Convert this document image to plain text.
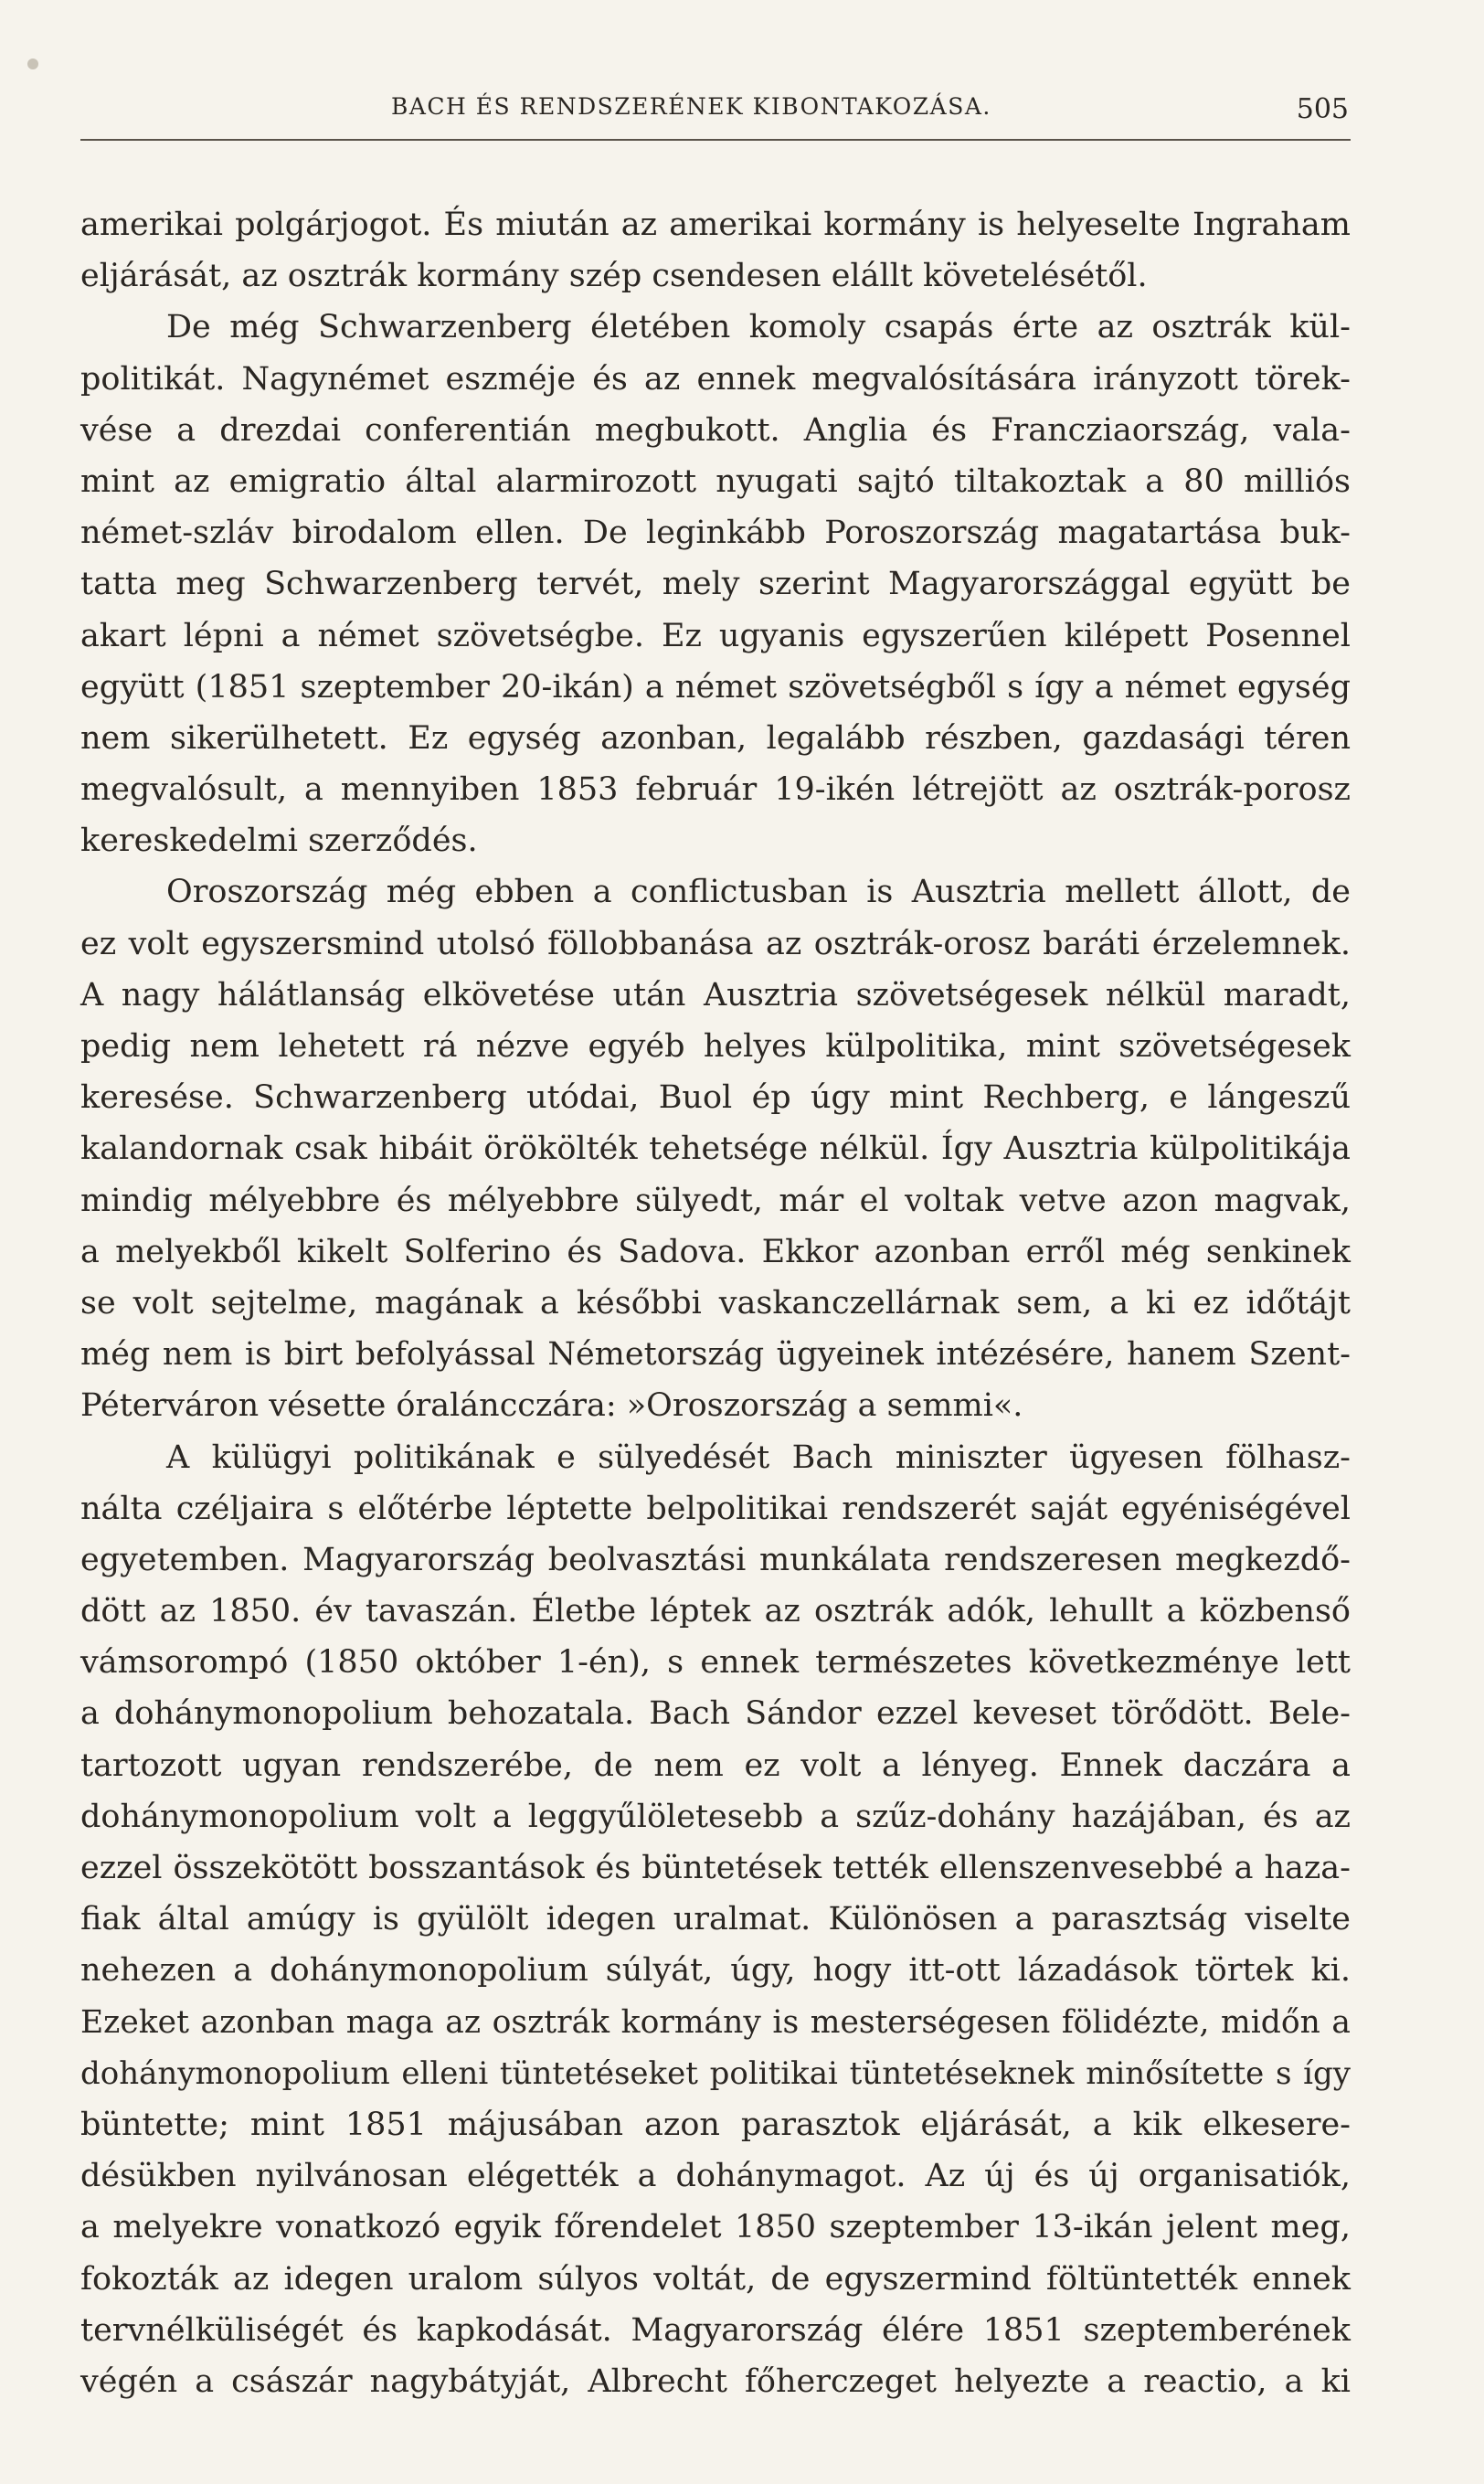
BACH ÉS RENDSZERÉNEK KIBONTAKOZÁSA.	505
amerikai polgárjogot. És miután az amerikai kormány is helyeselte Ingraham
eljárását, az osztrák kormány szép csendesen elállt követelésétől.
De még Schwarzenberg életében komoly csapás érte az osztrák kül-
politikát. Nagynémet eszméje és az ennek megvalósítására irányzott törek-
vése a drezdai conferentián megbukott. Anglia és Francziaország, vala-
mint az emigratio által alarmirozott nyugati sajtó tiltakoztak a 80 milliós
német-szláv birodalom ellen. De leginkább Poroszország magatartása buk-
tatta meg Schwarzenberg tervét, mely szerint Magyarországgal együtt be
akart lépni a német szövetségbe. Ez ugyanis egyszerűen kilépett Posennel
együtt (1851 szeptember 20-ikán) a német szövetségből s így a német egység
nem sikerülhetett. Ez egység azonban, legalább részben, gazdasági téren
megvalósult, a mennyiben 1853 február 19-ikén létrejött az osztrák-porosz
kereskedelmi szerződés.
Oroszország még ebben a conflictusban is Ausztria mellett állott, de
ez volt egyszersmind utolsó föllobbanása az osztrák-orosz baráti érzelemnek.
A nagy hálátlanság elkövetése után Ausztria szövetségesek nélkül maradt,
pedig nem lehetett rá nézve egyéb helyes külpolitika, mint szövetségesek
keresése. Schwarzenberg utódai, Buol ép úgy mint Rechberg, e lángeszű
kalandornak csak hibáit örökölték tehetsége nélkül. Így Ausztria külpolitikája
mindig mélyebbre és mélyebbre sülyedt, már el voltak vetve azon magvak,
a melyekből kikelt Solferino és Sadova. Ekkor azonban erről még senkinek
se volt sejtelme, magának a későbbi vaskanczellárnak sem, a ki ez időtájt
még nem is birt befolyással Németország ügyeinek intézésére, hanem Szent-
Péterváron vésette óraláncczára: »Oroszország a semmi«.
A külügyi politikának e sülyedését Bach miniszter ügyesen fölhasz-
nálta czéljaira s előtérbe léptette belpolitikai rendszerét saját egyéniségével
egyetemben. Magyarország beolvasztási munkálata rendszeresen megkezdő-
dött az 1850. év tavaszán. Életbe léptek az osztrák adók, lehullt a közbenső
vámsorompó (1850 október 1-én), s ennek természetes következménye lett
a dohánymonopolium behozatala. Bach Sándor ezzel keveset törődött. Bele-
tartozott ugyan rendszerébe, de nem ez volt a lényeg. Ennek daczára a
dohánymonopolium volt a leggyűlöletesebb a szűz-dohány hazájában, és az
ezzel összekötött bosszantások és büntetések tették ellenszenvesebbé a haza-
fiak által amúgy is gyülölt idegen uralmat. Különösen a parasztság viselte
nehezen a dohánymonopolium súlyát, úgy, hogy itt-ott lázadások törtek ki.
Ezeket azonban maga az osztrák kormány is mesterségesen fölidézte, midőn a
dohánymonopolium elleni tüntetéseket politikai tüntetéseknek minősítette s így
büntette; mint 1851 májusában azon parasztok eljárását, a kik elkesere-
désükben nyilvánosan elégették a dohánymagot. Az új és új organisatiók,
a melyekre vonatkozó egyik főrendelet 1850 szeptember 13-ikán jelent meg,
fokozták az idegen uralom súlyos voltát, de egyszermind föltüntették ennek
tervnélküliségét és kapkodását. Magyarország élére 1851 szeptemberének
végén a császár nagybátyját, Albrecht főherczeget helyezte a reactio, a ki
